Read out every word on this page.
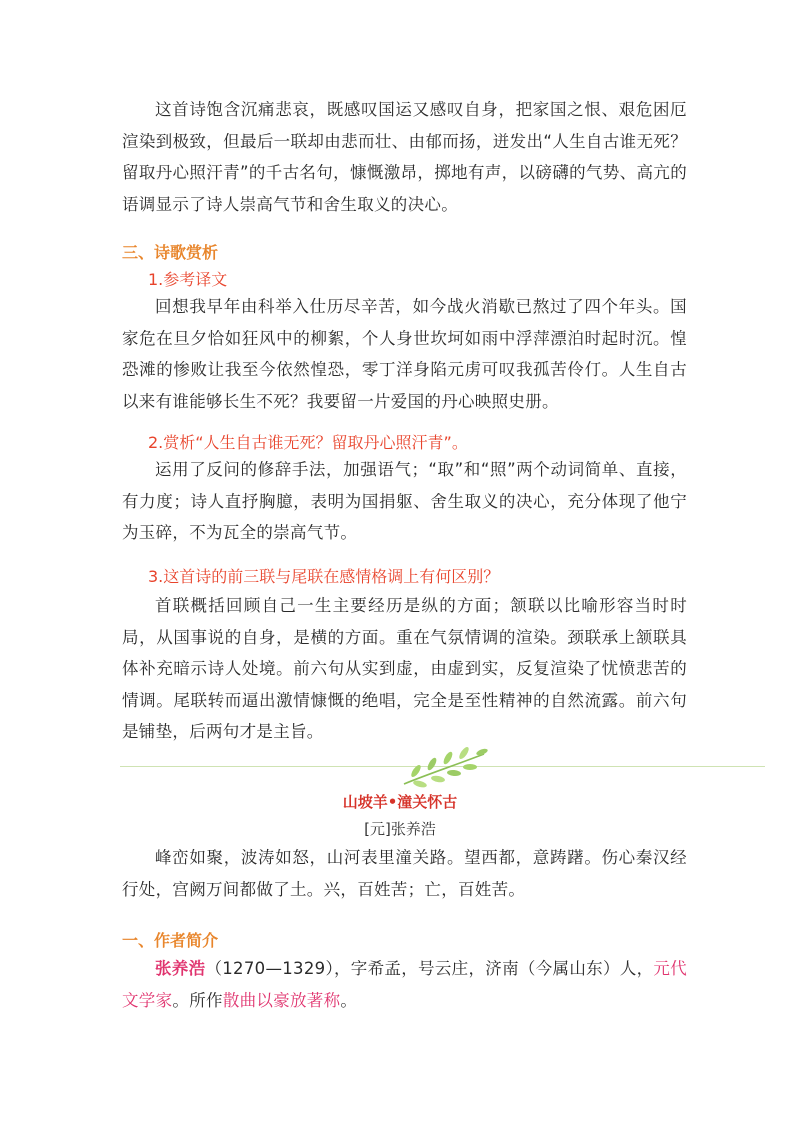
这首诗饱含沉痛悲哀，既感叹国运又感叹自身，把家国之恨、艰危困厄渲染到极致，但最后一联却由悲而壮、由郁而扬，迸发出“人生自古谁无死？留取丹心照汗青”的千古名句，慷慨激昂，掷地有声，以磅礴的气势、高亢的语调显示了诗人崇高气节和舍生取义的决心。

三、诗歌赏析

1.参考译文

回想我早年由科举入仕历尽辛苦，如今战火消歇已熬过了四个年头。国家危在旦夕恰如狂风中的柳絮，个人身世坎坷如雨中浮萍漂泊时起时沉。惶恐滩的惨败让我至今依然惶恐，零丁洋身陷元虏可叹我孤苦伶仃。人生自古以来有谁能够长生不死？我要留一片爱国的丹心映照史册。

2.赏析“人生自古谁无死？留取丹心照汗青”。

运用了反问的修辞手法，加强语气；“取”和“照”两个动词简单、直接，有力度；诗人直抒胸臆，表明为国捐躯、舍生取义的决心，充分体现了他宁为玉碎，不为瓦全的崇高气节。

3.这首诗的前三联与尾联在感情格调上有何区别？

首联概括回顾自己一生主要经历是纵的方面；颔联以比喻形容当时时局，从国事说的自身，是横的方面。重在气氛情调的渲染。颈联承上颔联具体补充暗示诗人处境。前六句从实到虚，由虚到实，反复渲染了忧愤悲苦的情调。尾联转而逼出激情慷慨的绝唱，完全是至性精神的自然流露。前六句是铺垫，后两句才是主旨。

山坡羊•潼关怀古

[元]张养浩

峰峦如聚，波涛如怒，山河表里潼关路。望西都，意踌躇。伤心秦汉经行处，宫阙万间都做了土。兴，百姓苦；亡，百姓苦。

一、作者简介

张养浩（1270—1329），字希孟，号云庄，济南（今属山东）人，元代文学家。所作散曲以豪放著称。
